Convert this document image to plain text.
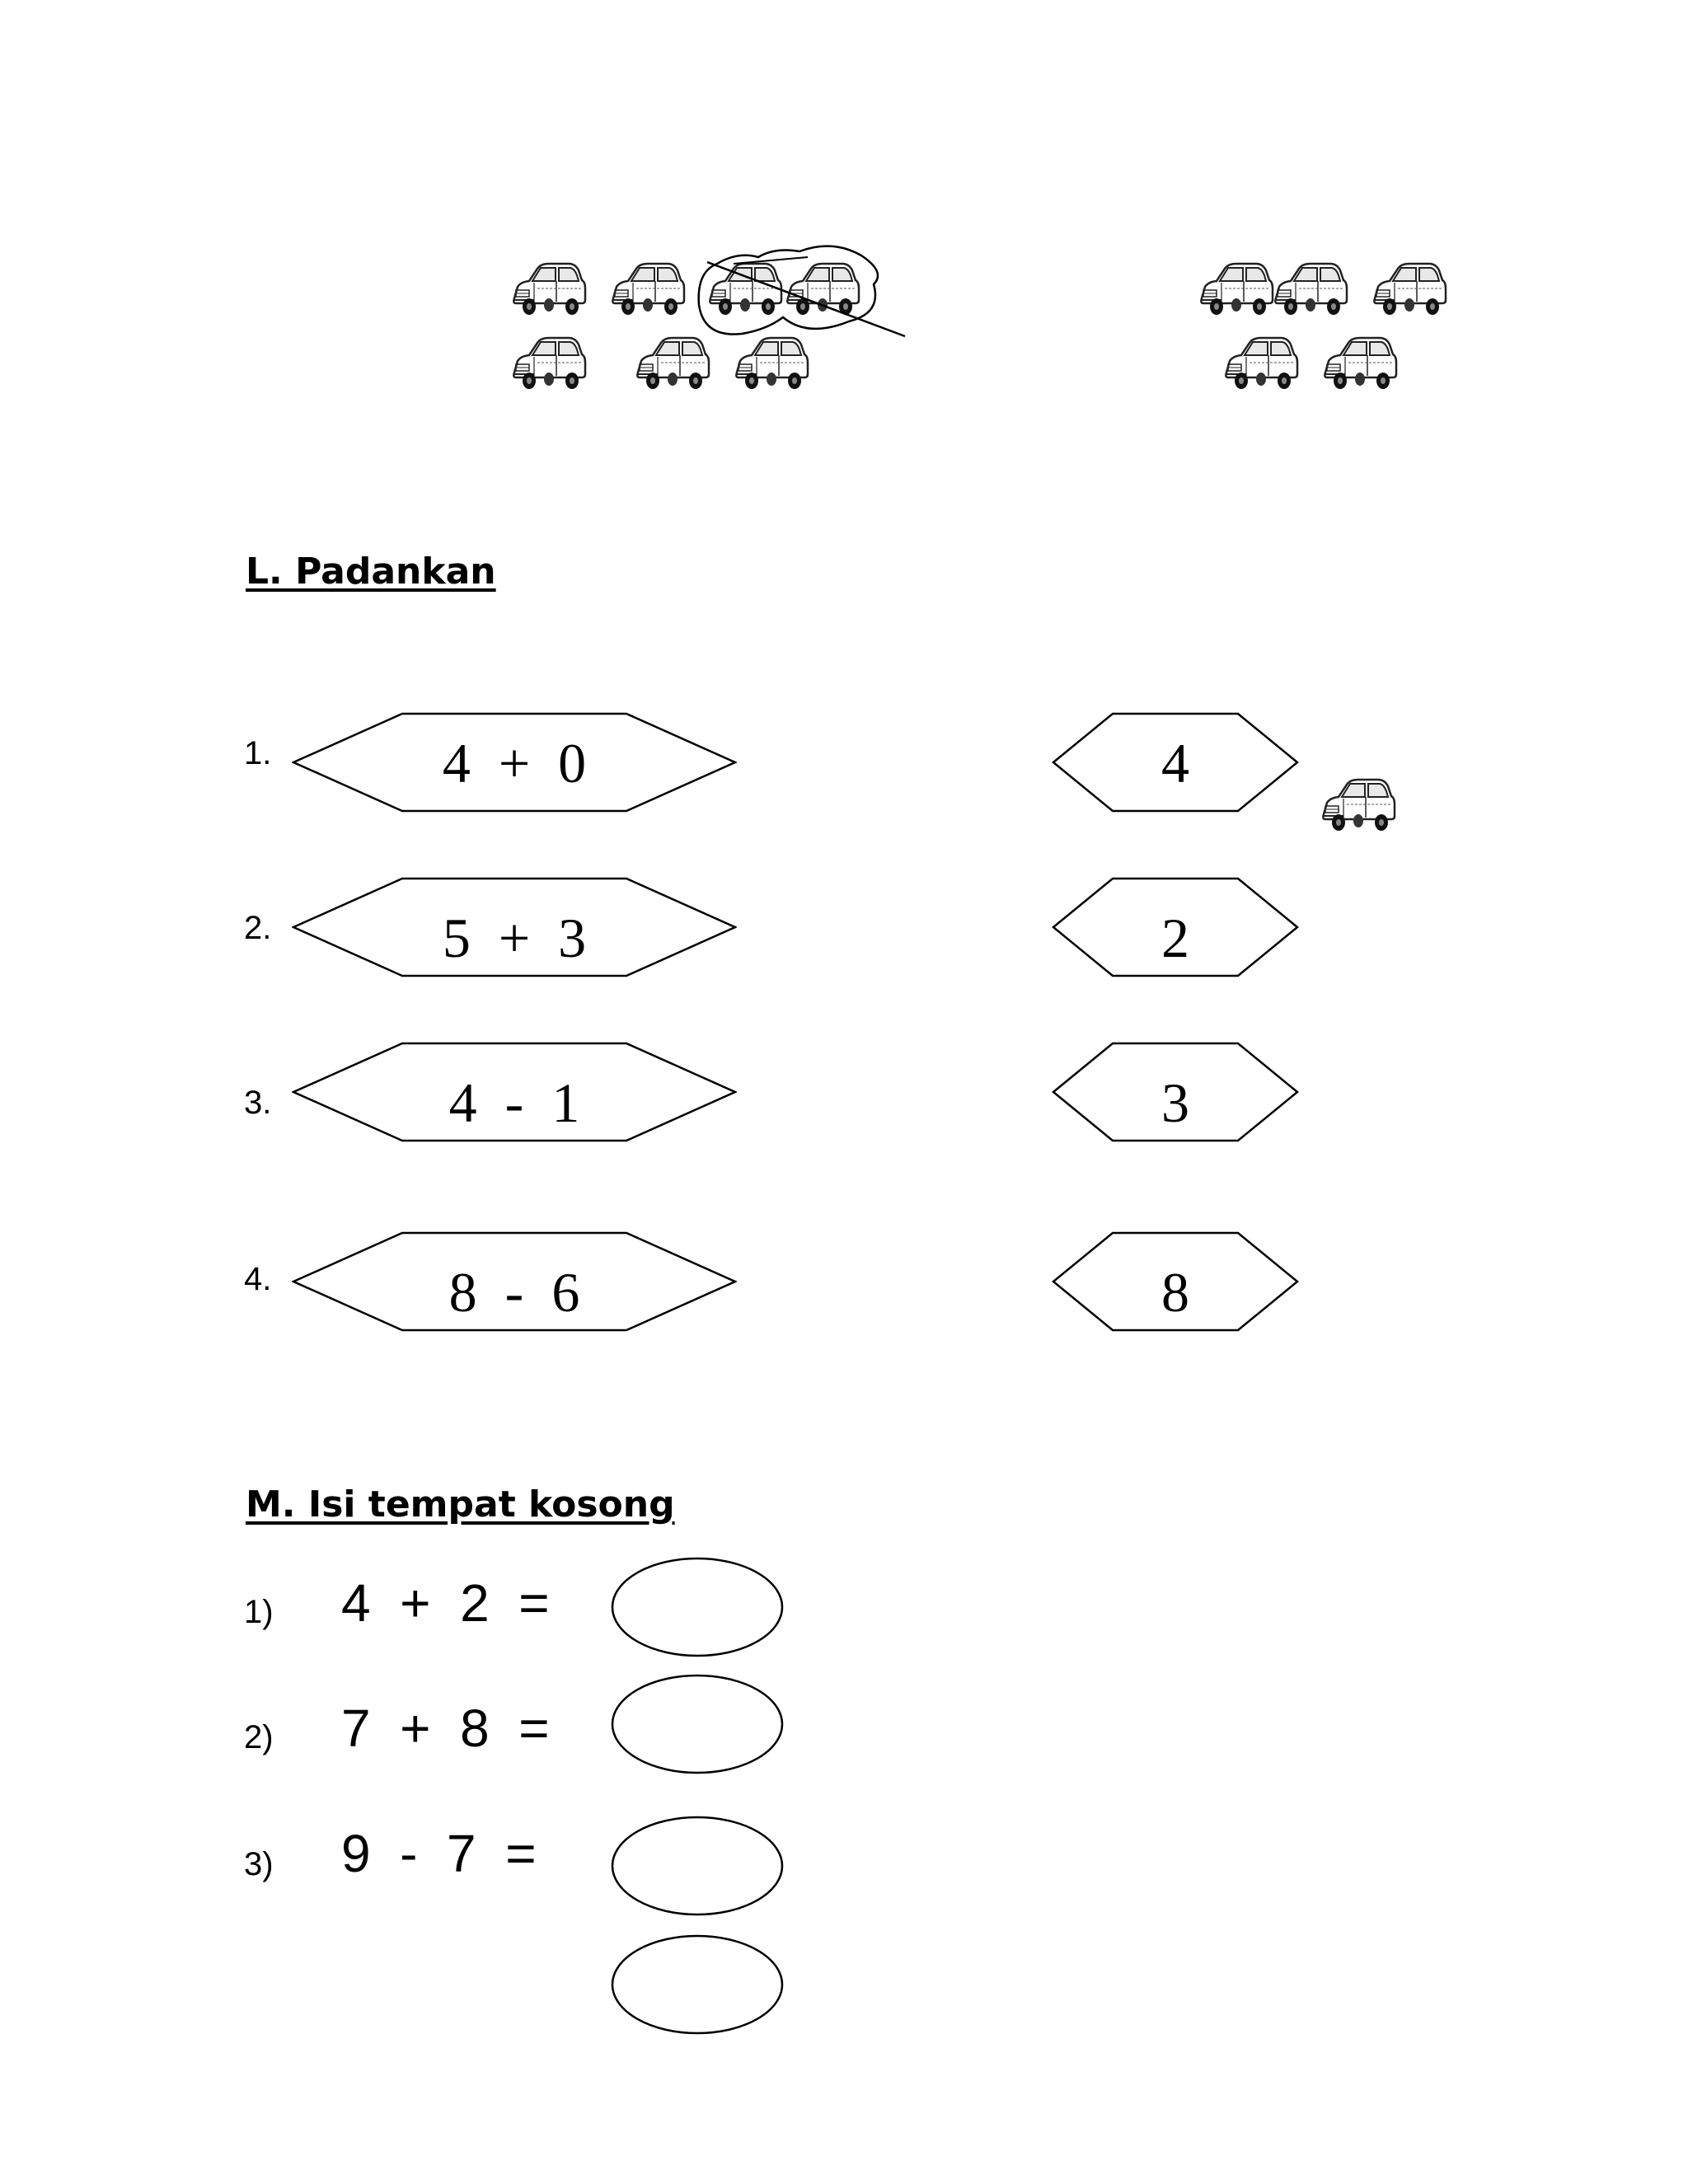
L. Padankan
1.	4  +  0	4
2.	5  +  3	2
3.	4  -  1	3
4.	8  -  6	8
M. Isi tempat kosong
1) 4  +  2  =
2) 7  +  8  =
3) 9  -  7  =
